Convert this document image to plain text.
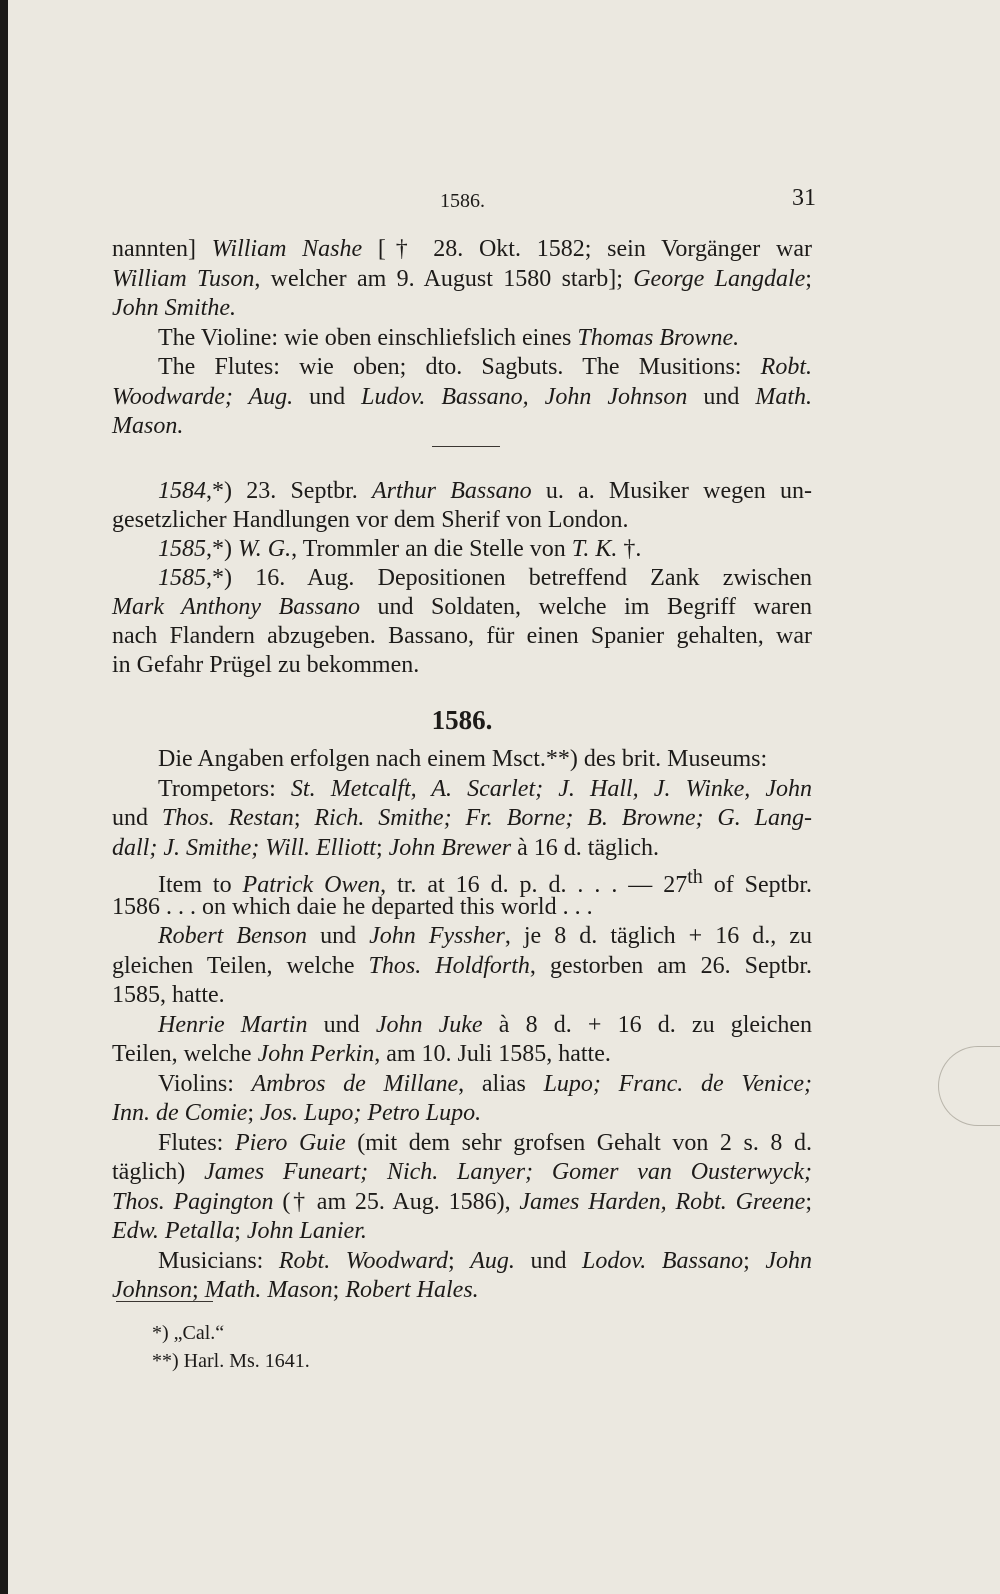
1586.	31
nannten] William Nashe [† 28. Okt. 1582; sein Vorgänger war
William Tuson, welcher am 9. August 1580 starb]; George Langdale;
John Smithe.
The Violine: wie oben einschliefslich eines Thomas Browne.
The Flutes: wie oben; dto. Sagbuts. The Musitions: Robt.
Woodwarde; Aug. und Ludov. Bassano, John Johnson und Math.
Mason.
1584,*) 23. Septbr. Arthur Bassano u. a. Musiker wegen un-
gesetzlicher Handlungen vor dem Sherif von London.
1585,*) W. G., Trommler an die Stelle von T. K. †.
1585,*) 16. Aug. Depositionen betreffend Zank zwischen
Mark Anthony Bassano und Soldaten, welche im Begriff waren
nach Flandern abzugeben. Bassano, für einen Spanier gehalten, war
in Gefahr Prügel zu bekommen.
1586.
Die Angaben erfolgen nach einem Msct.**) des brit. Museums:
Trompetors: St. Metcalft, A. Scarlet; J. Hall, J. Winke, John
und Thos. Restan; Rich. Smithe; Fr. Borne; B. Browne; G. Lang-
dall; J. Smithe; Will. Elliott; John Brewer à 16 d. täglich.
Item to Patrick Owen, tr. at 16 d. p. d. . . . — 27th of Septbr.
1586 . . . on which daie he departed this world . . .
Robert Benson und John Fyssher, je 8 d. täglich + 16 d., zu
gleichen Teilen, welche Thos. Holdforth, gestorben am 26. Septbr.
1585, hatte.
Henrie Martin und John Juke à 8 d. + 16 d. zu gleichen
Teilen, welche John Perkin, am 10. Juli 1585, hatte.
Violins: Ambros de Millane, alias Lupo; Franc. de Venice;
Inn. de Comie; Jos. Lupo; Petro Lupo.
Flutes: Piero Guie (mit dem sehr grofsen Gehalt von 2 s. 8 d.
täglich) James Funeart; Nich. Lanyer; Gomer van Ousterwyck;
Thos. Pagington († am 25. Aug. 1586), James Harden, Robt. Greene;
Edw. Petalla; John Lanier.
Musicians: Robt. Woodward; Aug. und Lodov. Bassano; John
Johnson; Math. Mason; Robert Hales.
*) „Cal.“
**) Harl. Ms. 1641.
